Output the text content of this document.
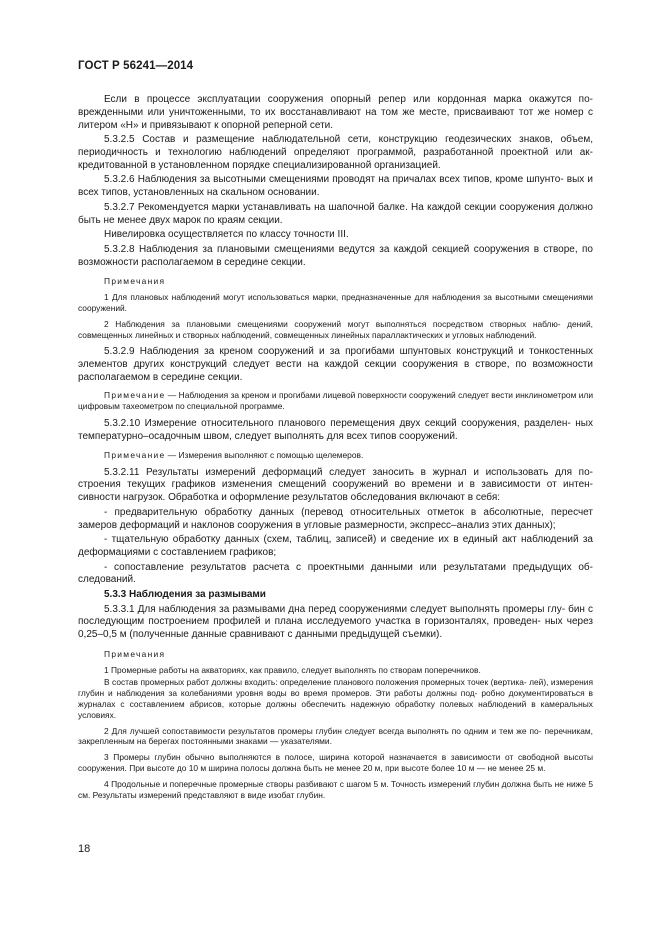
ГОСТ Р 56241—2014

Если в процессе эксплуатации сооружения опорный репер или кордонная марка окажутся по- врежденными или уничтоженными, то их восстанавливают на том же месте, присваивают тот же номер с литером «Н» и привязывают к опорной реперной сети.

5.3.2.5 Состав и размещение наблюдательной сети, конструкцию геодезических знаков, объем, периодичность и технологию наблюдений определяют программой, разработанной проектной или ак- кредитованной в установленном порядке специализированной организацией.

5.3.2.6 Наблюдения за высотными смещениями проводят на причалах всех типов, кроме шпунто- вых и всех типов, установленных на скальном основании.

5.3.2.7 Рекомендуется марки устанавливать на шапочной балке. На каждой секции сооружения должно быть не менее двух марок по краям секции.

Нивелировка осуществляется по классу точности III.

5.3.2.8 Наблюдения за плановыми смещениями ведутся за каждой секцией сооружения в створе, по возможности располагаемом в середине секции.

Примечания

1 Для плановых наблюдений могут использоваться марки, предназначенные для наблюдения за высотными смещениями сооружений.

2 Наблюдения за плановыми смещениями сооружений могут выполняться посредством створных наблю- дений, совмещенных линейных и створных наблюдений, совмещенных линейных параллактических и угловых наблюдений.

5.3.2.9 Наблюдения за креном сооружений и за прогибами шпунтовых конструкций и тонкостенных элементов других конструкций следует вести на каждой секции сооружения в створе, по возможности располагаемом в середине секции.

Примечание — Наблюдения за креном и прогибами лицевой поверхности сооружений следует вести инклинометром или цифровым тахеометром по специальной программе.

5.3.2.10 Измерение относительного планового перемещения двух секций сооружения, разделен- ных температурно–осадочным швом, следует выполнять для всех типов сооружений.

Примечание — Измерения выполняют с помощью щелемеров.

5.3.2.11 Результаты измерений деформаций следует заносить в журнал и использовать для по- строения текущих графиков изменения смещений сооружений во времени и в зависимости от интен- сивности нагрузок. Обработка и оформление результатов обследования включают в себя:

- предварительную обработку данных (перевод относительных отметок в абсолютные, пересчет замеров деформаций и наклонов сооружения в угловые размерности, экспресс–анализ этих данных);

- тщательную обработку данных (схем, таблиц, записей) и сведение их в единый акт наблюдений за деформациями с составлением графиков;

- сопоставление результатов расчета с проектными данными или результатами предыдущих об- следований.

5.3.3 Наблюдения за размывами

5.3.3.1 Для наблюдения за размывами дна перед сооружениями следует выполнять промеры глу- бин с последующим построением профилей и плана исследуемого участка в горизонталях, проведен- ных через 0,25–0,5 м (полученные данные сравнивают с данными предыдущей съемки).

Примечания

1 Промерные работы на акваториях, как правило, следует выполнять по створам поперечников.

В состав промерных работ должны входить: определение планового положения промерных точек (вертика- лей), измерения глубин и наблюдения за колебаниями уровня воды во время промеров. Эти работы должны под- робно документироваться в журналах с составлением абрисов, которые должны обеспечить надежную обработку полевых наблюдений в камеральных условиях.

2 Для лучшей сопоставимости результатов промеры глубин следует всегда выполнять по одним и тем же по- перечникам, закрепленным на берегах постоянными знаками — указателями.

3 Промеры глубин обычно выполняются в полосе, ширина которой назначается в зависимости от свободной высоты сооружения. При высоте до 10 м ширина полосы должна быть не менее 20 м, при высоте более 10 м — не менее 25 м.

4 Продольные и поперечные промерные створы разбивают с шагом 5 м. Точность измерений глубин должна быть не ниже 5 см. Результаты измерений представляют в виде изобат глубин.

18
